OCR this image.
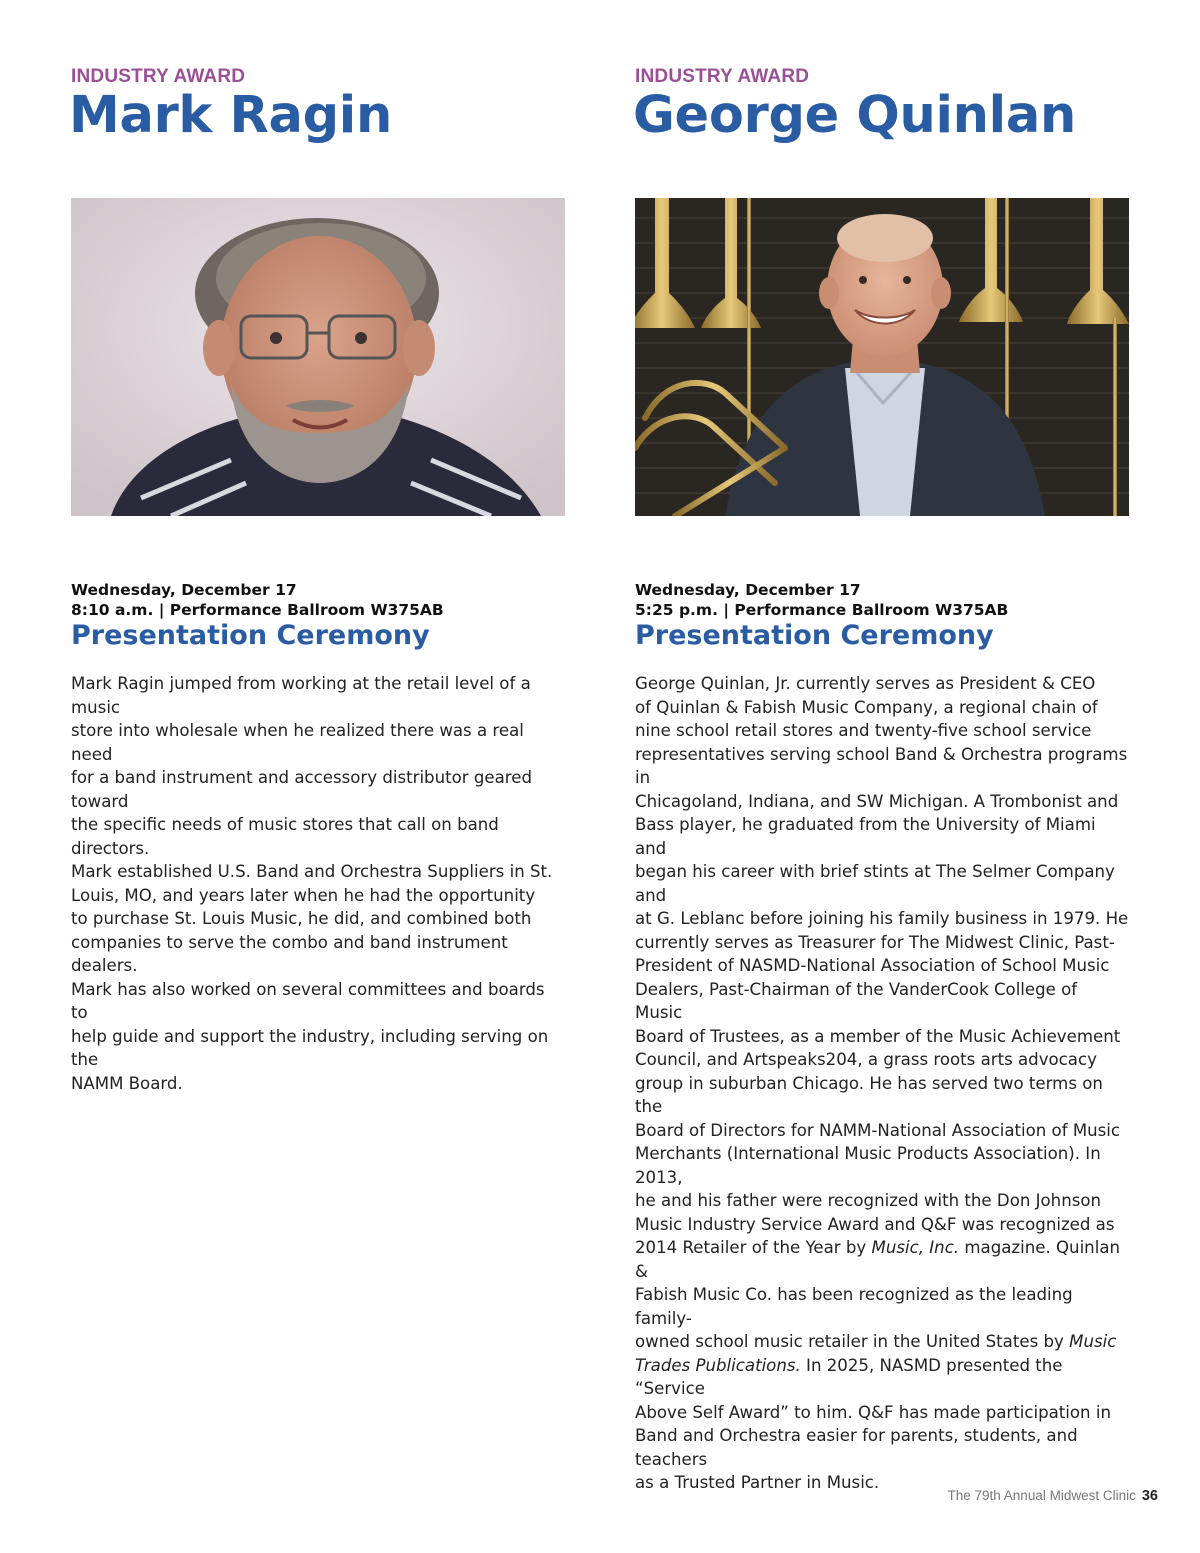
INDUSTRY AWARD
Mark Ragin
Wednesday, December 17
8:10 a.m. | Performance Ballroom W375AB
Presentation Ceremony

Mark Ragin jumped from working at the retail level of a music
store into wholesale when he realized there was a real need
for a band instrument and accessory distributor geared toward
the specific needs of music stores that call on band directors.
Mark established U.S. Band and Orchestra Suppliers in St.
Louis, MO, and years later when he had the opportunity
to purchase St. Louis Music, he did, and combined both
companies to serve the combo and band instrument dealers.
Mark has also worked on several committees and boards to
help guide and support the industry, including serving on the
NAMM Board.

INDUSTRY AWARD
George Quinlan
Wednesday, December 17
5:25 p.m. | Performance Ballroom W375AB
Presentation Ceremony

George Quinlan, Jr. currently serves as President & CEO
of Quinlan & Fabish Music Company, a regional chain of
nine school retail stores and twenty-five school service
representatives serving school Band & Orchestra programs in
Chicagoland, Indiana, and SW Michigan. A Trombonist and
Bass player, he graduated from the University of Miami and
began his career with brief stints at The Selmer Company and
at G. Leblanc before joining his family business in 1979. He
currently serves as Treasurer for The Midwest Clinic, Past-
President of NASMD-National Association of School Music
Dealers, Past-Chairman of the VanderCook College of Music
Board of Trustees, as a member of the Music Achievement
Council, and Artspeaks204, a grass roots arts advocacy
group in suburban Chicago. He has served two terms on the
Board of Directors for NAMM-National Association of Music
Merchants (International Music Products Association). In 2013,
he and his father were recognized with the Don Johnson
Music Industry Service Award and Q&F was recognized as
2014 Retailer of the Year by Music, Inc. magazine. Quinlan &
Fabish Music Co. has been recognized as the leading family-
owned school music retailer in the United States by Music
Trades Publications. In 2025, NASMD presented the “Service
Above Self Award” to him. Q&F has made participation in
Band and Orchestra easier for parents, students, and teachers
as a Trusted Partner in Music.

The 79th Annual Midwest Clinic 36
